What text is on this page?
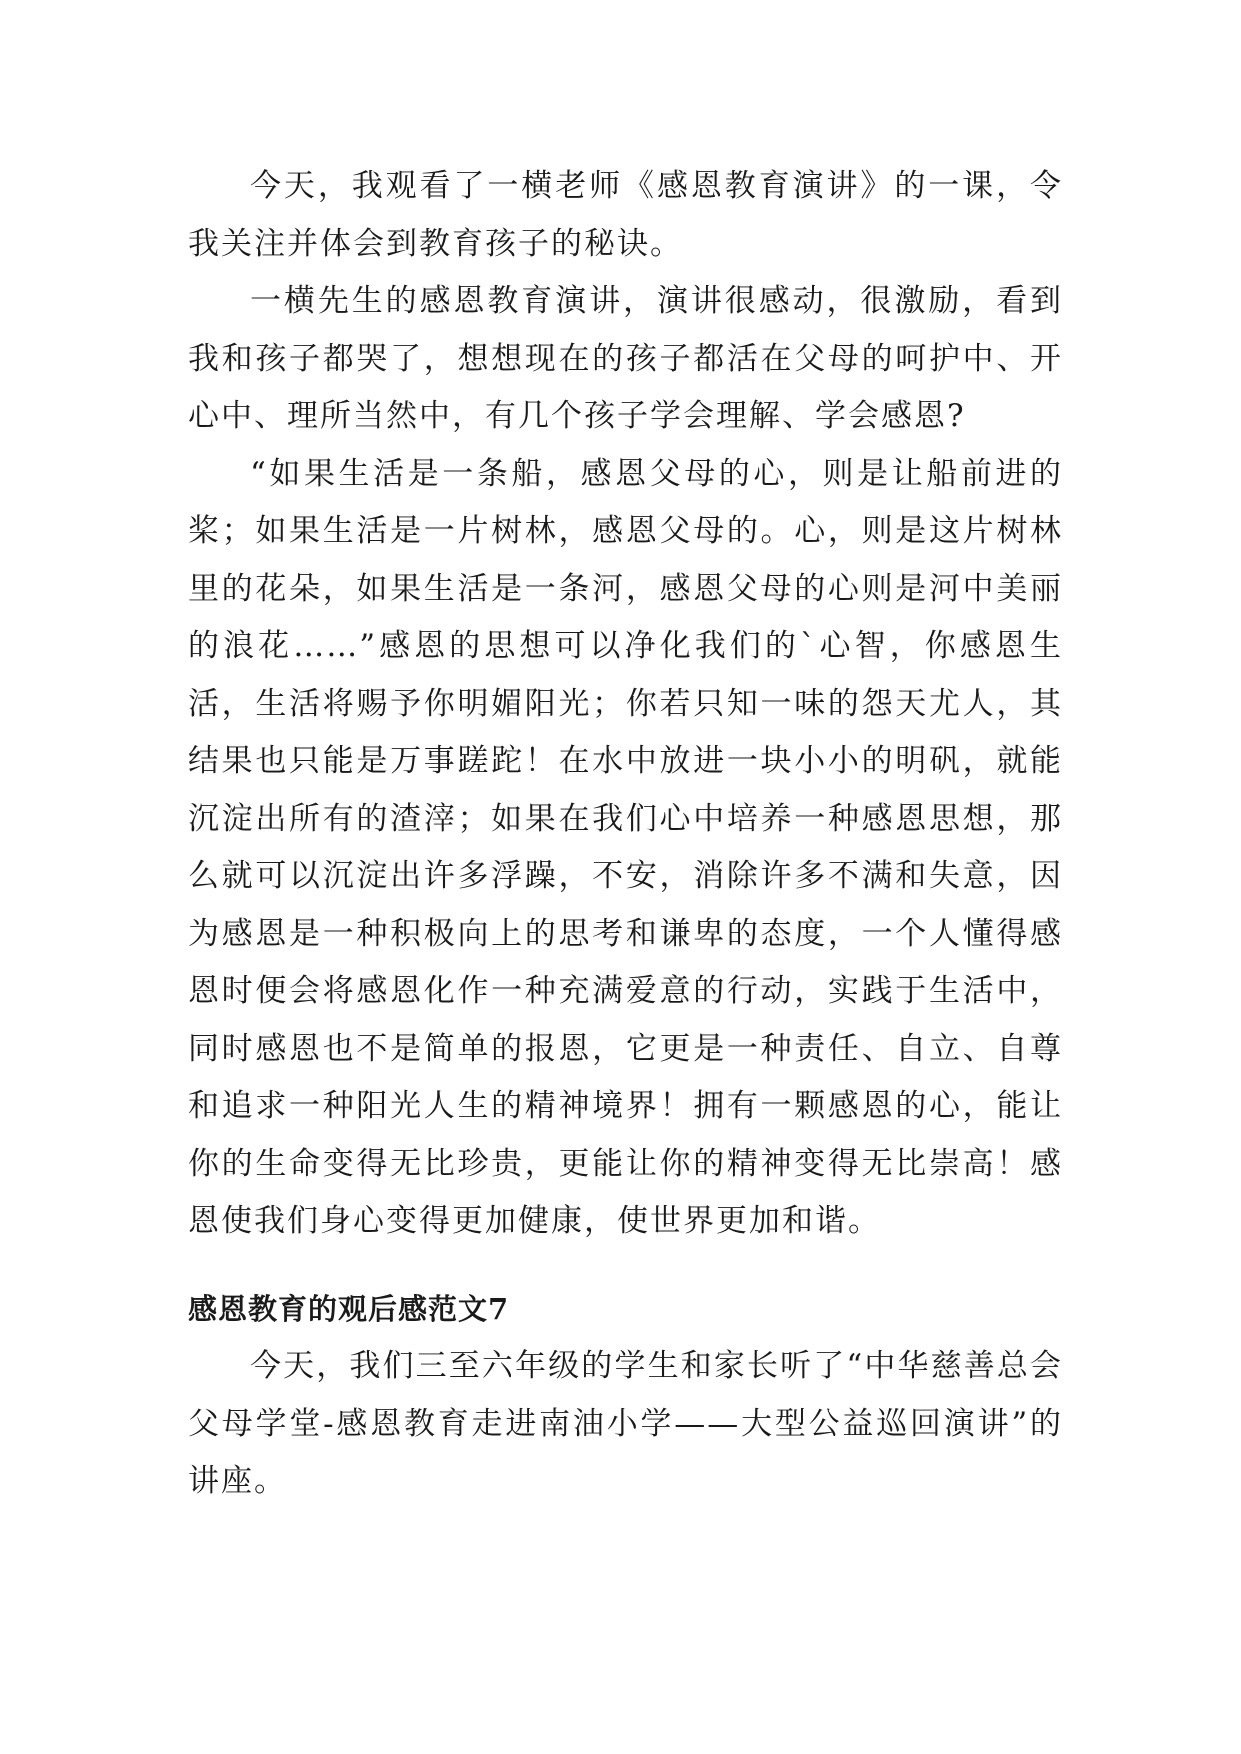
今天，我观看了一横老师《感恩教育演讲》的一课，令我关注并体会到教育孩子的秘诀。

一横先生的感恩教育演讲，演讲很感动，很激励，看到我和孩子都哭了，想想现在的孩子都活在父母的呵护中、开心中、理所当然中，有几个孩子学会理解、学会感恩?

“如果生活是一条船，感恩父母的心，则是让船前进的桨；如果生活是一片树林，感恩父母的。心，则是这片树林里的花朵，如果生活是一条河，感恩父母的心则是河中美丽的浪花……”感恩的思想可以净化我们的`心智，你感恩生活，生活将赐予你明媚阳光；你若只知一味的怨天尤人，其结果也只能是万事蹉跎！在水中放进一块小小的明矾，就能沉淀出所有的渣滓；如果在我们心中培养一种感恩思想，那么就可以沉淀出许多浮躁，不安，消除许多不满和失意，因为感恩是一种积极向上的思考和谦卑的态度，一个人懂得感恩时便会将感恩化作一种充满爱意的行动，实践于生活中，同时感恩也不是简单的报恩，它更是一种责任、自立、自尊和追求一种阳光人生的精神境界！拥有一颗感恩的心，能让你的生命变得无比珍贵，更能让你的精神变得无比崇高！感恩使我们身心变得更加健康，使世界更加和谐。

感恩教育的观后感范文7

今天，我们三至六年级的学生和家长听了“中华慈善总会父母学堂-感恩教育走进南油小学——大型公益巡回演讲”的讲座。
